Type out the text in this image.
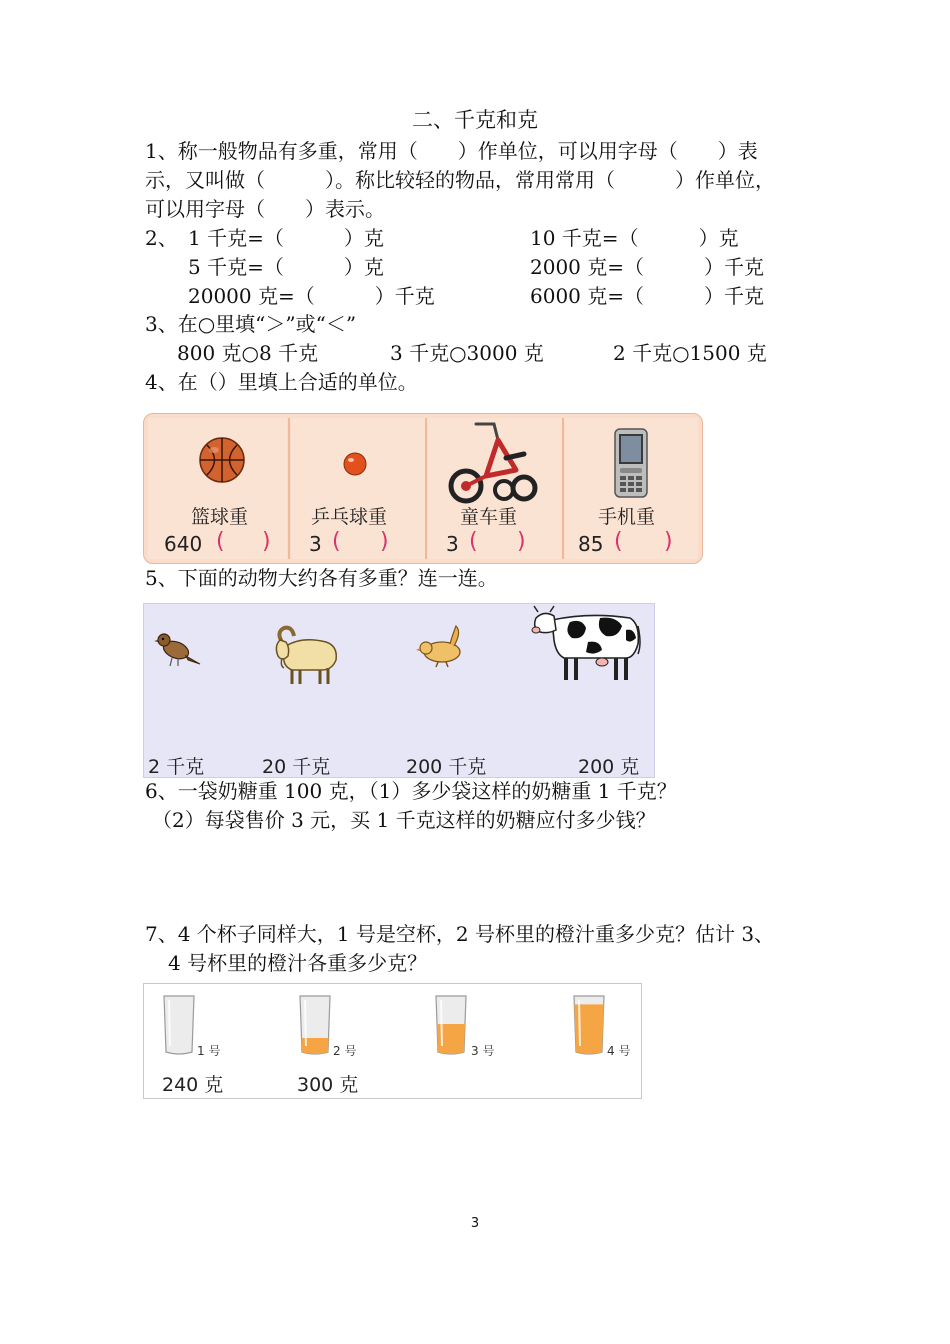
二、千克和克
1、称一般物品有多重，常用（　　）作单位，可以用字母（　　）表
示，又叫做（　　　）。称比较轻的物品，常用常用（　　　）作单位，
可以用字母（　　）表示。
2、 1 千克=（　　　）克	10 千克=（　　　）克
5 千克=（　　　）克	2000 克=（　　　）千克
20000 克=（　　　）千克	6000 克=（　　　）千克
3、在○里填“＞”或“＜”
800 克○8 千克	3 千克○3000 克	2 千克○1500 克
4、在（）里填上合适的单位。
篮球重	乒乓球重	童车重	手机重
640 ( ) 3 ( )	3 ( )	85 ( )
5、下面的动物大约各有多重？连一连。
2 千克	20 千克	200 千克	200 克
6、一袋奶糖重 100 克，（1）多少袋这样的奶糖重 1 千克？
（2）每袋售价 3 元，买 1 千克这样的奶糖应付多少钱？
7、4 个杯子同样大，1 号是空杯，2 号杯里的橙汁重多少克？估计 3、
4 号杯里的橙汁各重多少克？
1 号	2 号	3 号	4 号
240 克	300 克
3
